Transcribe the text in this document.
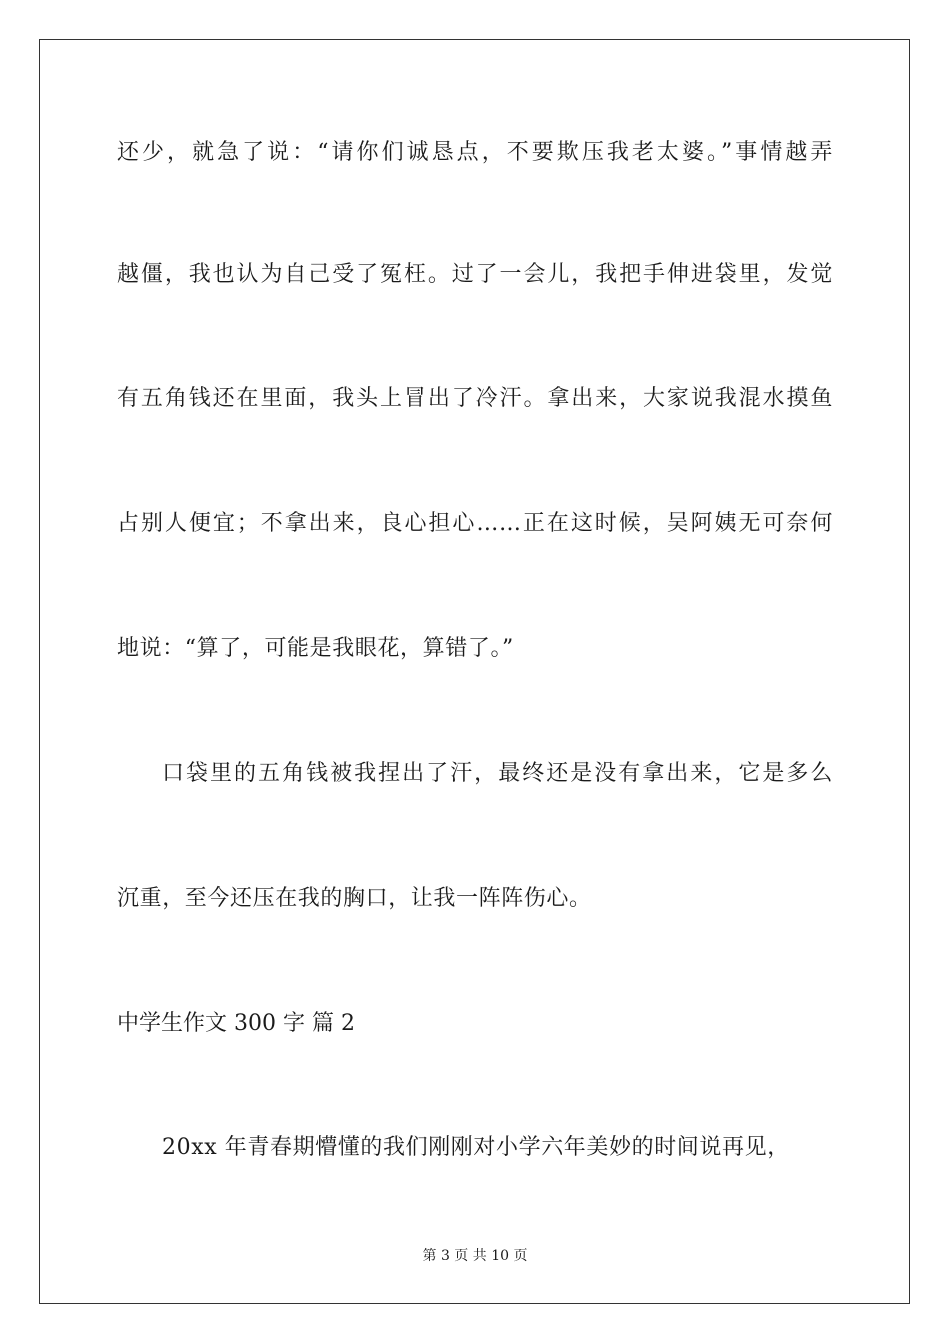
还少，就急了说：“请你们诚恳点，不要欺压我老太婆。”事情越弄
越僵，我也认为自己受了冤枉。过了一会儿，我把手伸进袋里，发觉
有五角钱还在里面，我头上冒出了冷汗。拿出来，大家说我混水摸鱼
占别人便宜；不拿出来，良心担心……正在这时候，吴阿姨无可奈何
地说：“算了，可能是我眼花，算错了。”
口袋里的五角钱被我捏出了汗，最终还是没有拿出来，它是多么
沉重，至今还压在我的胸口，让我一阵阵伤心。
中学生作文 300 字 篇 2
20xx 年青春期懵懂的我们刚刚对小学六年美妙的时间说再见，
第 3 页 共 10 页
